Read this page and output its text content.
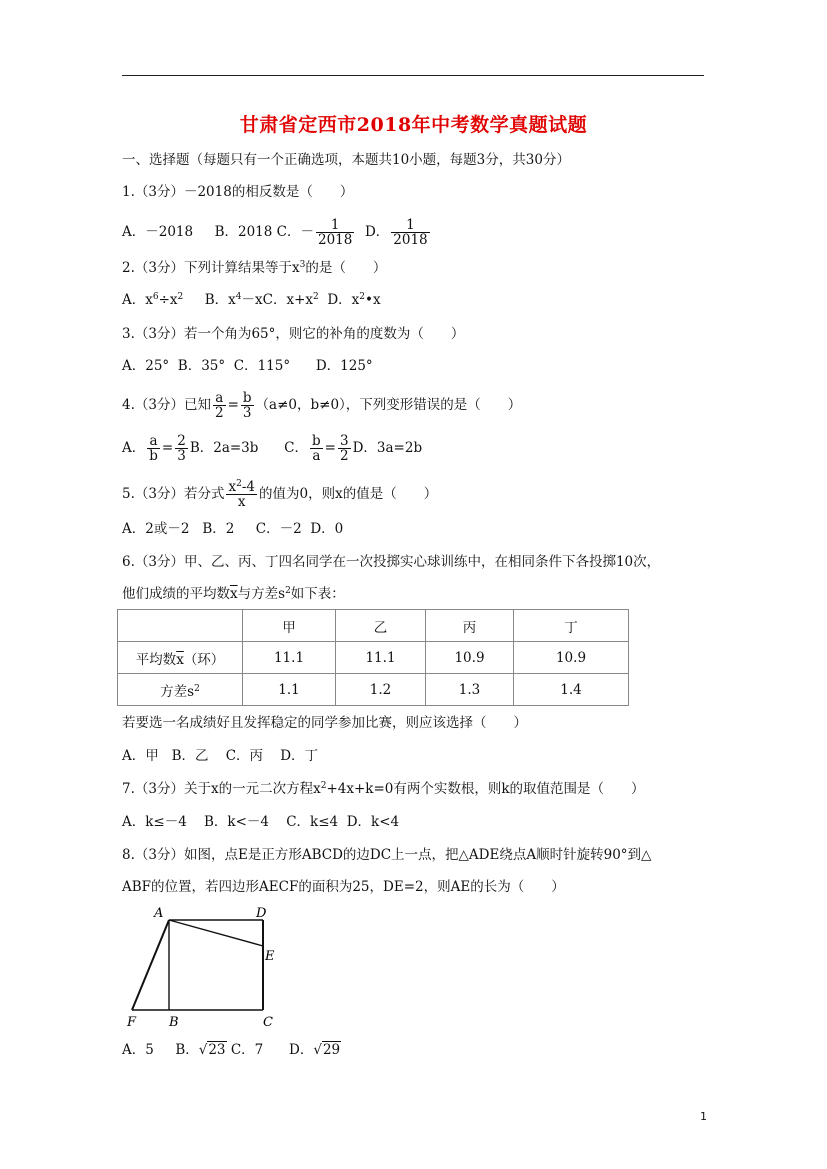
甘肃省定西市2018年中考数学真题试题
一、选择题（每题只有一个正确选项，本题共10小题，每题3分，共30分）
1.（3分）－2018的相反数是（　　）
A．－2018 B．2018 C．－ $\frac{1}{2018}$ D． $\frac{1}{2018}$
2.（3分）下列计算结果等于$x^3$的是（　　）
A．$x^6\div x^2$ B．$x^4-xC$．$x+x^2$ D．$x^2•x$
3.（3分）若一个角为65°，则它的补角的度数为（　　）
A．25° B．35° C．115° D．125°
4.（3分）已知 $\frac{a}{2} = \frac{b}{3} (a\ne 0$，b≠0），下列变形错误的是（　　）
A． $\frac{a}{b} = \frac{2}{3}$ B．2a=3b C． $\frac{b}{a} = \frac{3}{2}$ D．3a=2b
5.（3分）若分式 $\frac{x^2-4}{x}$ 的值为0，则x的值是（　　）
A．2或－2 B．2 C．－2 D．0
6.（3分）甲、乙、丙、丁四名同学在一次投掷实心球训练中，在相同条件下各投掷10次，
他们成绩的平均数$\overline{x}$与方差$s^2$如下表：
	甲	乙	丙	丁
平均数$\overline{x}$（环）	11.1	11.1	10.9	10.9
方差$s^2$	1.1	1.2	1.3	1.4
若要选一名成绩好且发挥稳定的同学参加比赛，则应该选择（　　）
A．甲 B．乙 C．丙 D．丁
7.（3分）关于x的一元二次方程$x^2+4x+k=0$有两个实数根，则k的取值范围是（　　）
A．k≤－4 B．k<－4 C．k≤4 D．k<4
8.（3分）如图，点E是正方形ABCD的边DC上一点，把△ADE绕点A顺时针旋转90°到△
ABF的位置，若四边形AECF的面积为25，DE=2，则AE的长为（　　）
A	D
E
F	B	C
A．5 B．√23 C．7 D．√29
1
